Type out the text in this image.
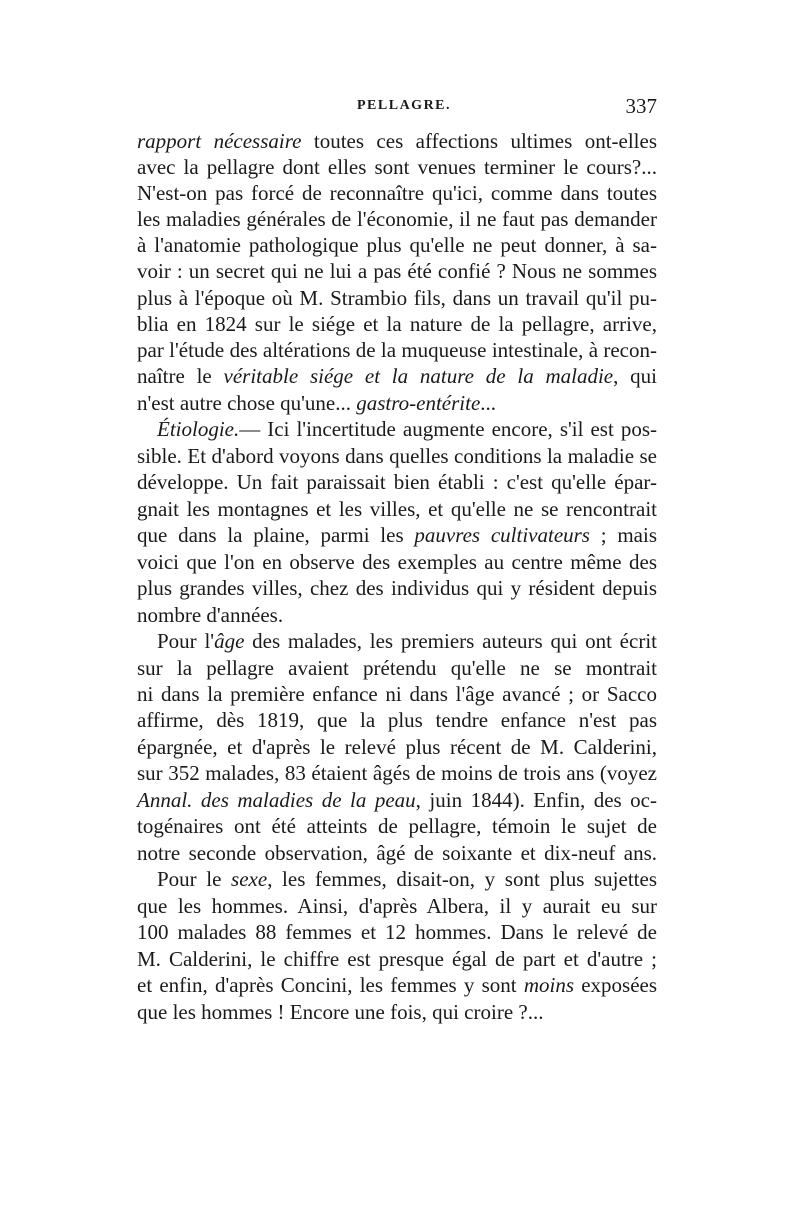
PELLAGRE.	337
rapport nécessaire toutes ces affections ultimes ont-elles
avec la pellagre dont elles sont venues terminer le cours?...
N'est-on pas forcé de reconnaître qu'ici, comme dans toutes
les maladies générales de l'économie, il ne faut pas demander
à l'anatomie pathologique plus qu'elle ne peut donner, à sa-
voir : un secret qui ne lui a pas été confié ? Nous ne sommes
plus à l'époque où M. Strambio fils, dans un travail qu'il pu-
blia en 1824 sur le siége et la nature de la pellagre, arrive,
par l'étude des altérations de la muqueuse intestinale, à recon-
naître le véritable siége et la nature de la maladie, qui
n'est autre chose qu'une... gastro-entérite...
Étiologie.— Ici l'incertitude augmente encore, s'il est pos-
sible. Et d'abord voyons dans quelles conditions la maladie se
développe. Un fait paraissait bien établi : c'est qu'elle épar-
gnait les montagnes et les villes, et qu'elle ne se rencontrait
que dans la plaine, parmi les pauvres cultivateurs ; mais
voici que l'on en observe des exemples au centre même des
plus grandes villes, chez des individus qui y résident depuis
nombre d'années.
Pour l'âge des malades, les premiers auteurs qui ont écrit
sur la pellagre avaient prétendu qu'elle ne se montrait
ni dans la première enfance ni dans l'âge avancé ; or Sacco
affirme, dès 1819, que la plus tendre enfance n'est pas
épargnée, et d'après le relevé plus récent de M. Calderini,
sur 352 malades, 83 étaient âgés de moins de trois ans (voyez
Annal. des maladies de la peau, juin 1844). Enfin, des oc-
togénaires ont été atteints de pellagre, témoin le sujet de
notre seconde observation, âgé de soixante et dix-neuf ans.
Pour le sexe, les femmes, disait-on, y sont plus sujettes
que les hommes. Ainsi, d'après Albera, il y aurait eu sur
100 malades 88 femmes et 12 hommes. Dans le relevé de
M. Calderini, le chiffre est presque égal de part et d'autre ;
et enfin, d'après Concini, les femmes y sont moins exposées
que les hommes ! Encore une fois, qui croire ?...
